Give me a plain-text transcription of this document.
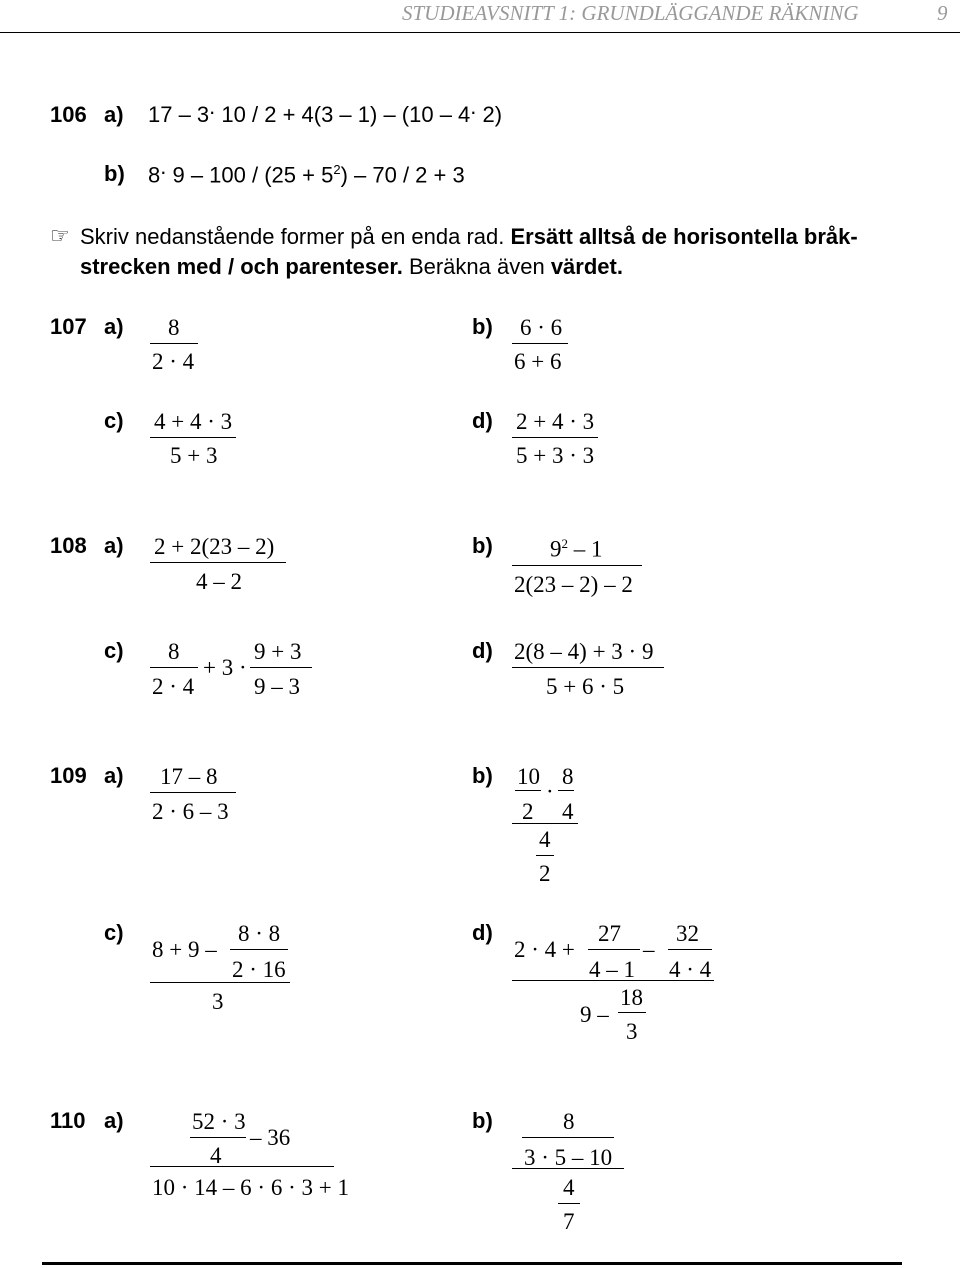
STUDIEAVSNITT 1: GRUNDLÄGGANDE RÄKNING	9
106 a) 17 – 3. 10 / 2 + 4(3 – 1) – (10 – 4. 2)
b) 8. $9 - 100 / (25 + 5^2) - 70 / 2 + 3$
☞ Skriv nedanstående former på en enda rad. Ersätt alltså de horisontella bråk-
strecken med / och parenteser. Beräkna även värdet.
107 a) 8
2 · 4
b) 6 · 6
6 + 6
c) 4 + 4 · 3
5 + 3
d) 2 + 4 · 3
5 + 3 · 3
108 a) 2 + 2(23 – 2)
4 – 2
b) $9^2 - 1$
2(23 – 2) – 2
c) 8
2 · 4
+ 3 ·
9 + 3
9 – 3
d) 2(8 – 4) + 3 · 9
5 + 6 · 5
109 a) 17 – 8
2 · 6 – 3
b) 10
·
8
2 4
4
2
c)
8 + 9 –
8 · 8
2 · 16
3
d)
2 · 4 +
27
4 – 1
–
32
4 · 4
9 –
18
3
110 a)	52 · 3
4
– 36
10 · 14 – 6 · 6 · 3 + 1
b)	8
3 · 5 – 10
4
7
